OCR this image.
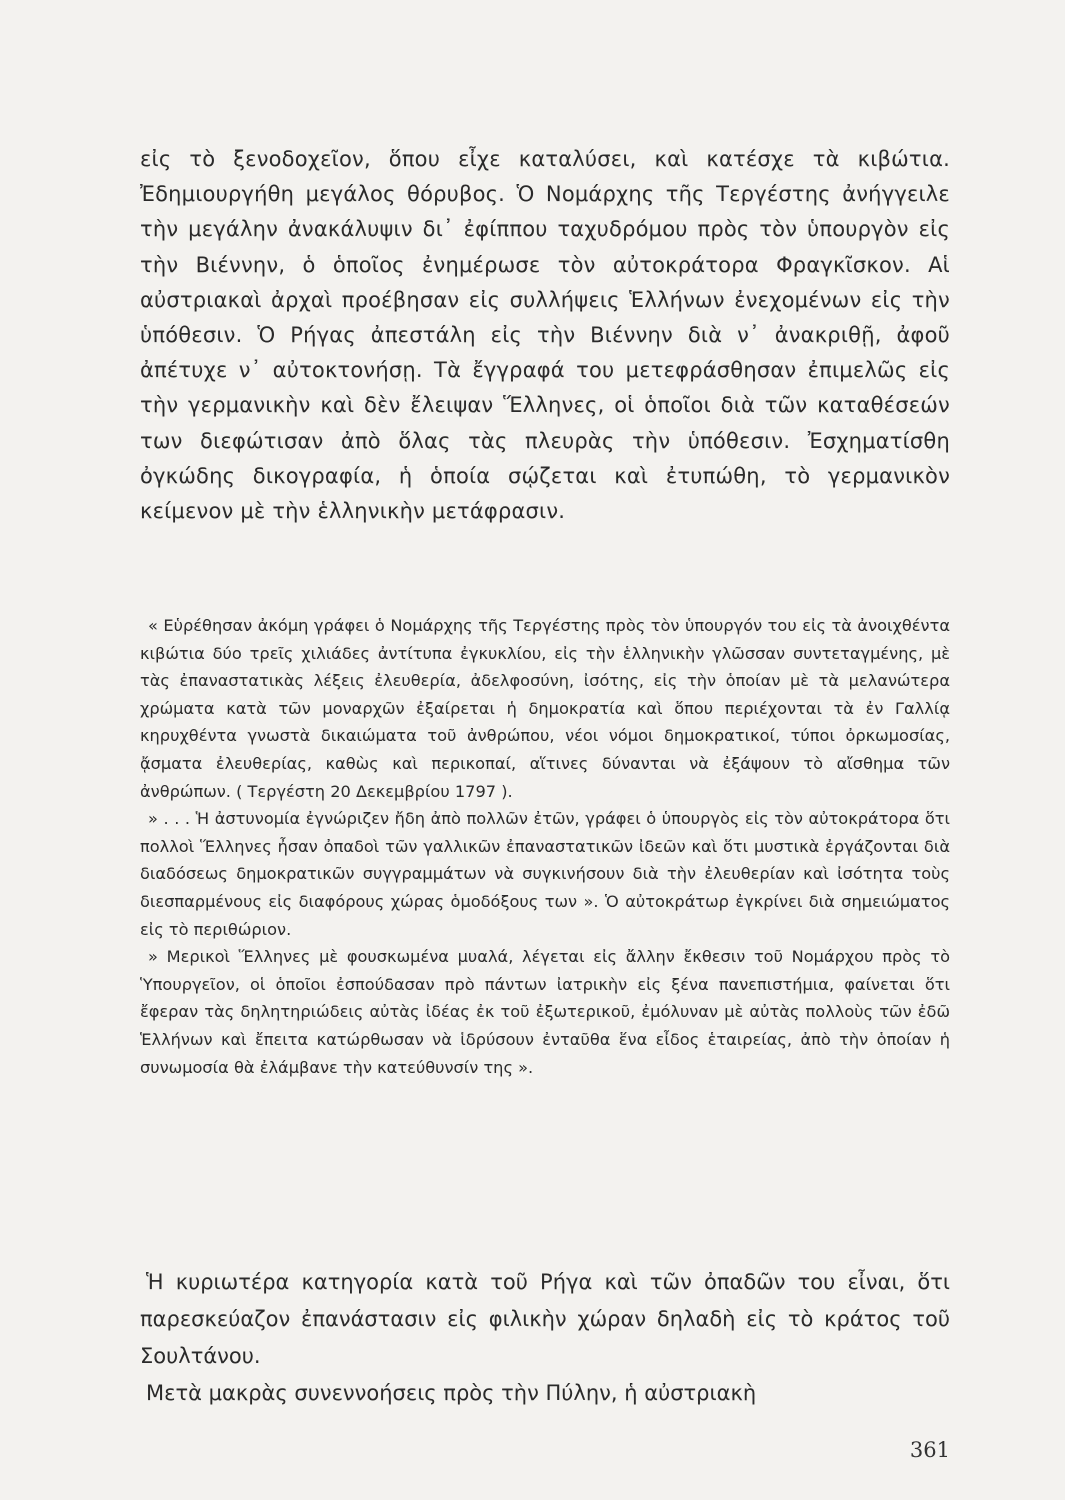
εἰς τὸ ξενοδοχεῖον, ὅπου εἶχε καταλύσει, καὶ κατέσχε τὰ κιβώτια. Ἐδημιουργήθη μεγάλος θόρυβος. Ὁ Νομάρχης τῆς Τεργέστης ἀνήγγειλε τὴν μεγάλην ἀνακάλυψιν δι᾽ ἐφίππου ταχυδρόμου πρὸς τὸν ὑπουργὸν εἰς τὴν Βιέννην, ὁ ὁποῖος ἐνημέρωσε τὸν αὐτοκράτορα Φραγκῖσκον. Αἱ αὐστριακαὶ ἀρχαὶ προέβησαν εἰς συλλήψεις Ἑλλήνων ἐνεχομένων εἰς τὴν ὑπόθεσιν. Ὁ Ρήγας ἀπεστάλη εἰς τὴν Βιέννην διὰ ν᾽ ἀνακριθῇ, ἀφοῦ ἀπέτυχε ν᾽ αὐτοκτονήσῃ. Τὰ ἔγγραφά του μετεφράσθησαν ἐπιμελῶς εἰς τὴν γερμανικὴν καὶ δὲν ἔλειψαν Ἕλληνες, οἱ ὁποῖοι διὰ τῶν καταθέσεών των διεφώτισαν ἀπὸ ὅλας τὰς πλευρὰς τὴν ὑπόθεσιν. Ἐσχηματίσθη ὀγκώδης δικογραφία, ἡ ὁποία σῴζεται καὶ ἐτυπώθη, τὸ γερμανικὸν κείμενον μὲ τὴν ἑλληνικὴν μετάφρασιν.

« Εὑρέθησαν ἀκόμη γράφει ὁ Νομάρχης τῆς Τεργέστης πρὸς τὸν ὑπουργόν του εἰς τὰ ἀνοιχθέντα κιβώτια δύο τρεῖς χιλιάδες ἀντίτυπα ἐγκυκλίου, εἰς τὴν ἑλληνικὴν γλῶσσαν συντεταγμένης, μὲ τὰς ἐπαναστατικὰς λέξεις ἐλευθερία, ἀδελφοσύνη, ἰσότης, εἰς τὴν ὁποίαν μὲ τὰ μελανώτερα χρώματα κατὰ τῶν μοναρχῶν ἐξαίρεται ἡ δημοκρατία καὶ ὅπου περιέχονται τὰ ἐν Γαλλίᾳ κηρυχθέντα γνωστὰ δικαιώματα τοῦ ἀνθρώπου, νέοι νόμοι δημοκρατικοί, τύποι ὀρκωμοσίας, ᾄσματα ἐλευθερίας, καθὼς καὶ περικοπαί, αἵτινες δύνανται νὰ ἐξάψουν τὸ αἴσθημα τῶν ἀνθρώπων. ( Τεργέστη 20 Δεκεμβρίου 1797 ).

» . . . Ἡ ἀστυνομία ἐγνώριζεν ἤδη ἀπὸ πολλῶν ἐτῶν, γράφει ὁ ὑπουργὸς εἰς τὸν αὐτοκράτορα ὅτι πολλοὶ Ἕλληνες ἦσαν ὀπαδοὶ τῶν γαλλικῶν ἐπαναστατικῶν ἰδεῶν καὶ ὅτι μυστικὰ ἐργάζονται διὰ διαδόσεως δημοκρατικῶν συγγραμμάτων νὰ συγκινήσουν διὰ τὴν ἐλευθερίαν καὶ ἰσότητα τοὺς διεσπαρμένους εἰς διαφόρους χώρας ὁμοδόξους των ». Ὁ αὐτοκράτωρ ἐγκρίνει διὰ σημειώματος εἰς τὸ περιθώριον.

» Μερικοὶ Ἕλληνες μὲ φουσκωμένα μυαλά, λέγεται εἰς ἄλλην ἔκθεσιν τοῦ Νομάρχου πρὸς τὸ Ὑπουργεῖον, οἱ ὁποῖοι ἐσπούδασαν πρὸ πάντων ἰατρικὴν εἰς ξένα πανεπιστήμια, φαίνεται ὅτι ἔφεραν τὰς δηλητηριώδεις αὐτὰς ἰδέας ἐκ τοῦ ἐξωτερικοῦ, ἐμόλυναν μὲ αὐτὰς πολλοὺς τῶν ἐδῶ Ἑλλήνων καὶ ἔπειτα κατώρθωσαν νὰ ἱδρύσουν ἐνταῦθα ἕνα εἶδος ἑταιρείας, ἀπὸ τὴν ὁποίαν ἡ συνωμοσία θὰ ἐλάμβανε τὴν κατεύθυνσίν της ».

Ἡ κυριωτέρα κατηγορία κατὰ τοῦ Ρήγα καὶ τῶν ὀπαδῶν του εἶναι, ὅτι παρεσκεύαζον ἐπανάστασιν εἰς φιλικὴν χώραν δηλαδὴ εἰς τὸ κράτος τοῦ Σουλτάνου.

Μετὰ μακρὰς συνεννοήσεις πρὸς τὴν Πύλην, ἡ αὐστριακὴ

361
